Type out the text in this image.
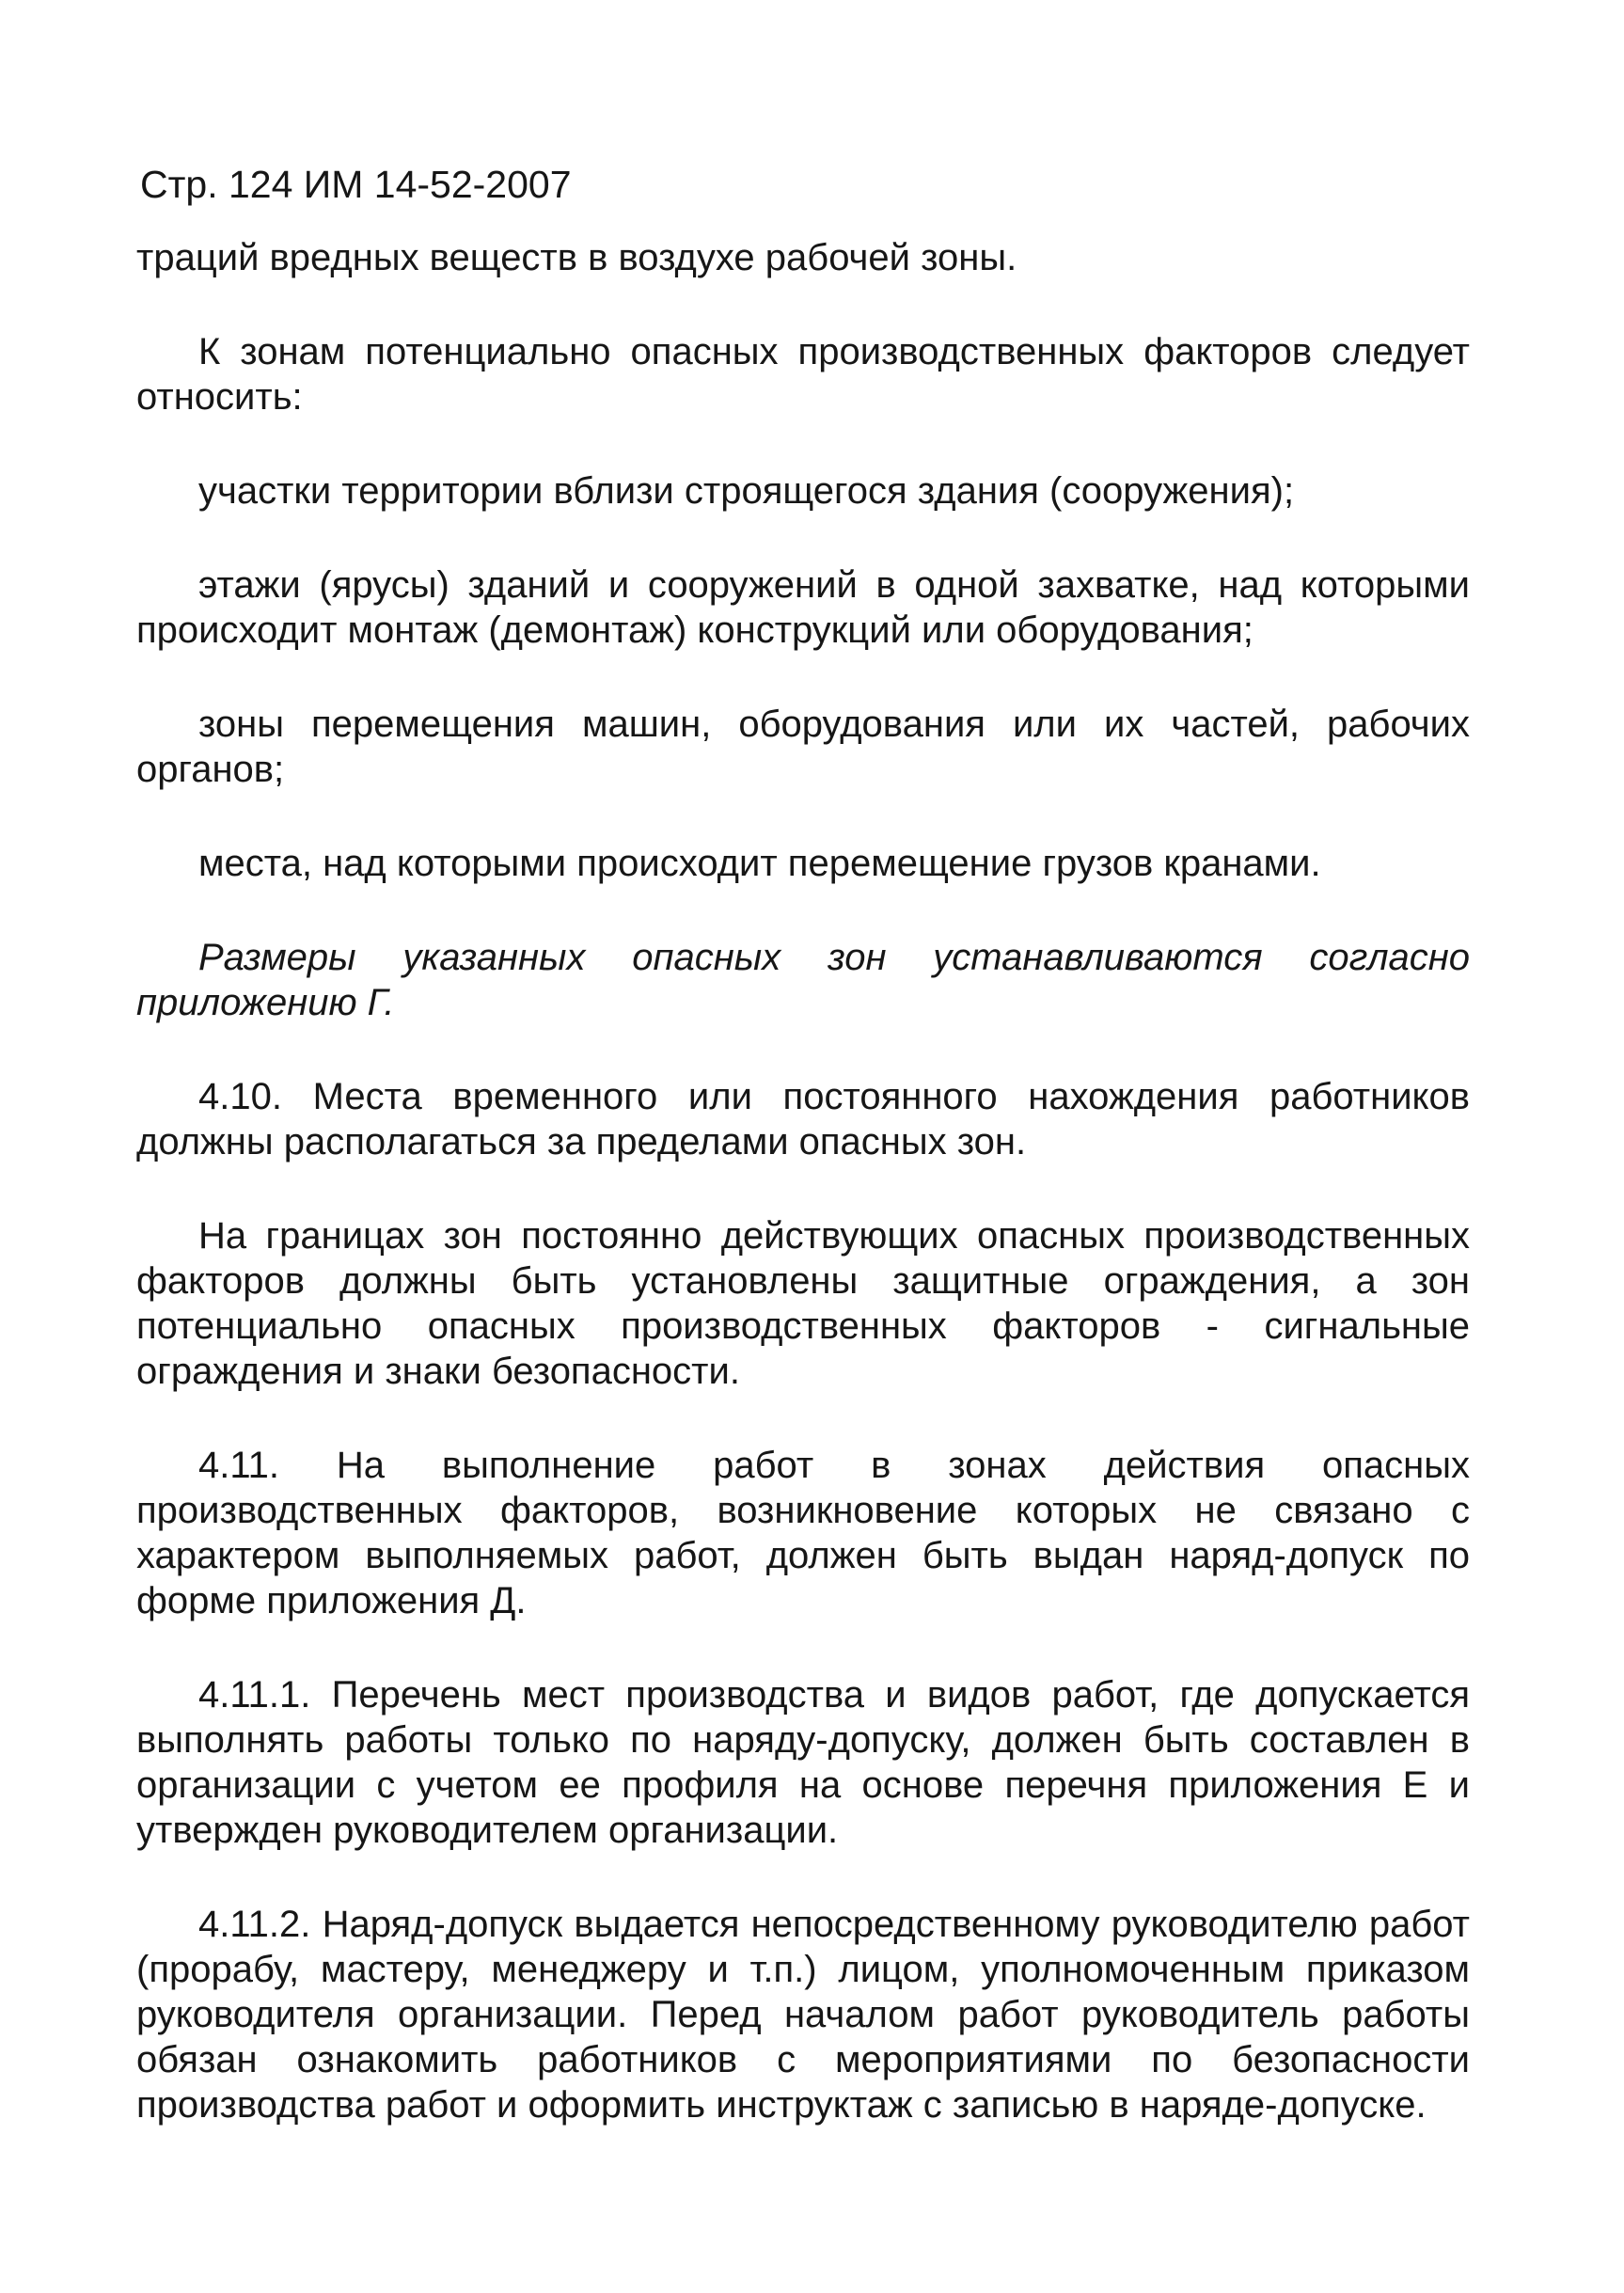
Стр. 124 ИМ 14-52-2007

траций вредных веществ в воздухе рабочей зоны.

К зонам потенциально опасных производственных факторов следует относить:

участки территории вблизи строящегося здания (сооружения);

этажи (ярусы) зданий и сооружений в одной захватке, над которыми происходит монтаж (демонтаж) конструкций или оборудования;

зоны перемещения машин, оборудования или их частей, рабочих органов;

места, над которыми происходит перемещение грузов кранами.

Размеры указанных опасных зон устанавливаются согласно приложению Г.

4.10. Места временного или постоянного нахождения работников должны располагаться за пределами опасных зон.

На границах зон постоянно действующих опасных производственных факторов должны быть установлены защитные ограждения, а зон потенциально опасных производственных факторов - сигнальные ограждения и знаки безопасности.

4.11. На выполнение работ в зонах действия опасных производственных факторов, возникновение которых не связано с характером выполняемых работ, должен быть выдан наряд-допуск по форме приложения Д.

4.11.1. Перечень мест производства и видов работ, где допускается выполнять работы только по наряду-допуску, должен быть составлен в организации с учетом ее профиля на основе перечня приложения Е и утвержден руководителем организации.

4.11.2. Наряд-допуск выдается непосредственному руководителю работ (прорабу, мастеру, менеджеру и т.п.) лицом, уполномоченным приказом руководителя организации. Перед началом работ руководитель работы обязан ознакомить работников с мероприятиями по безопасности производства работ и оформить инструктаж с записью в наряде-допуске.
